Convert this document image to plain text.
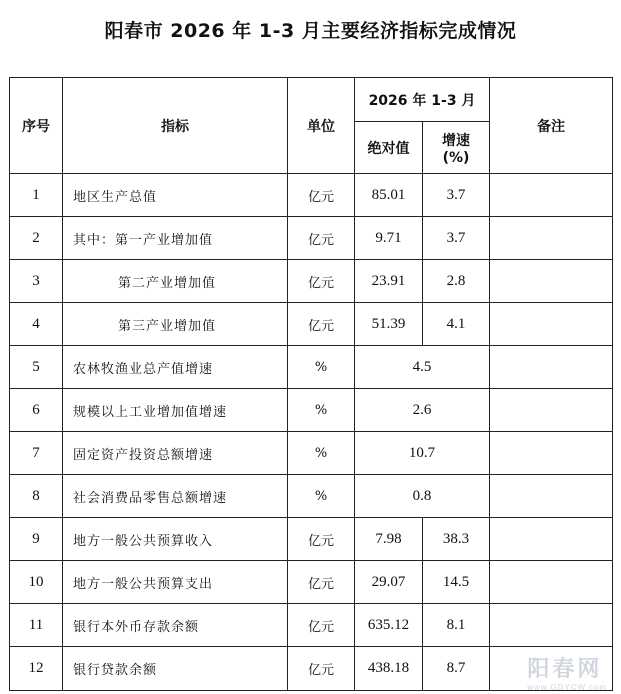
阳春市 2026 年 1-3 月主要经济指标完成情况
序号	指标	单位	2026 年 1-3 月		备注
			绝对值	增速
(%)	
1	地区生产总值	亿元	85.01	3.7	
2	其中：第一产业增加值	亿元	9.71	3.7	
3	第二产业增加值	亿元	23.91	2.8	
4	第三产业增加值	亿元	51.39	4.1	
5	农林牧渔业总产值增速	%	4.5		
6	规模以上工业增加值增速	%	2.6		
7	固定资产投资总额增速	%	10.7		
8	社会消费品零售总额增速	%	0.8		
9	地方一般公共预算收入	亿元	7.98	38.3	
10	地方一般公共预算支出	亿元	29.07	14.5	
11	银行本外币存款余额	亿元	635.12	8.1	
12	银行贷款余额	亿元	438.18	8.7		阳春网
www.GDYCW.com
